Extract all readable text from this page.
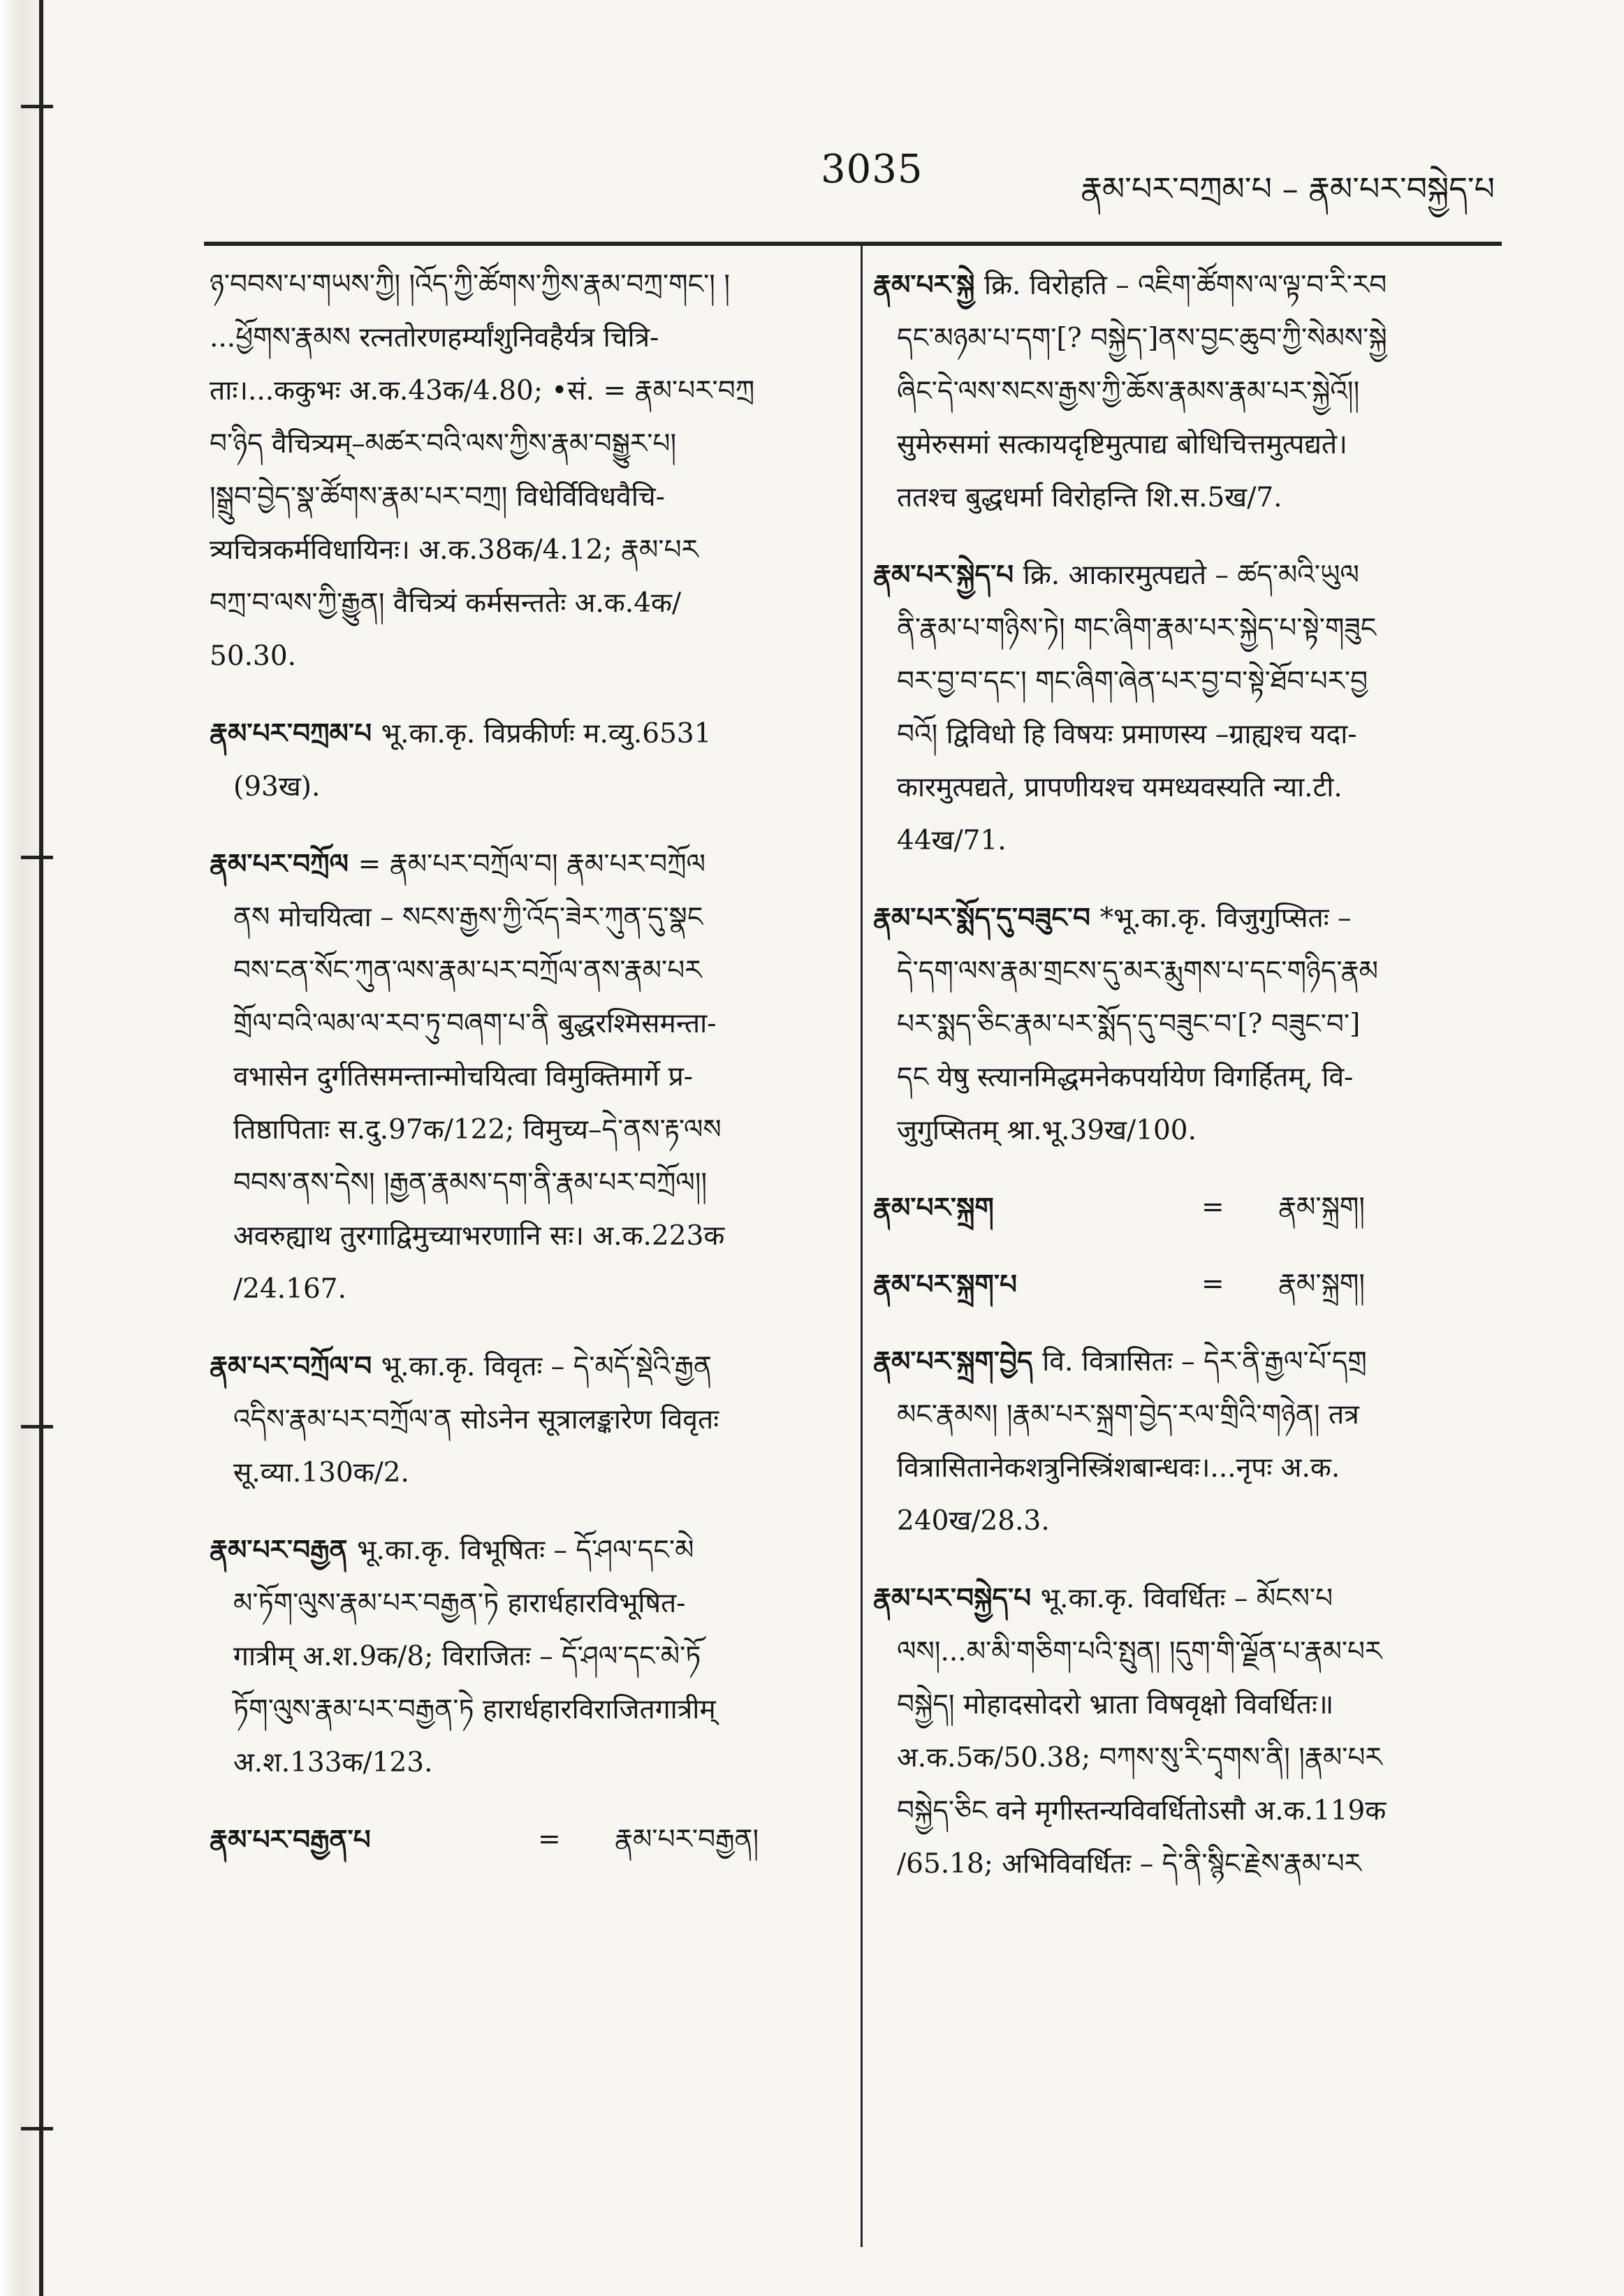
3035	རྣམ་པར་བཀྲམ་པ – རྣམ་པར་བསྐྱེད་པ

ཉ་བབས་པ་གཡས་ཀྱི། །འོད་ཀྱི་ཚོགས་ཀྱིས་རྣམ་བཀྲ་གང་། །

...ཕྱོགས་རྣམས रत्नतोरणहर्म्यांशुनिवहैर्यत्र चित्रि-

ताः।...ककुभः अ.क.43क/4.80; •सं. = རྣམ་པར་བཀྲ

བ་ཉིད वैचित्र्यम्–མཚར་བའི་ལས་ཀྱིས་རྣམ་བསྒྱུར་པ།

།སྒྲུབ་བྱེད་སྣ་ཚོགས་རྣམ་པར་བཀྲ། विधेर्विविधवैचि-

त्र्यचित्रकर्मविधायिनः। अ.क.38क/4.12; རྣམ་པར

བཀྲ་བ་ལས་ཀྱི་རྒྱུན། वैचित्र्यं कर्मसन्ततेः अ.क.4क/

50.30.

རྣམ་པར་བཀྲམ་པ भू.का.कृ. विप्रकीर्णः म.व्यु.6531

(93ख).

རྣམ་པར་བཀྲོལ = རྣམ་པར་བཀྲོལ་བ། རྣམ་པར་བཀྲོལ

ནས मोचयित्वा – སངས་རྒྱས་ཀྱི་འོད་ཟེར་ཀུན་དུ་སྣང

བས་ངན་སོང་ཀུན་ལས་རྣམ་པར་བཀྲོལ་ནས་རྣམ་པར

གྲོལ་བའི་ལམ་ལ་རབ་ཏུ་བཞག་པ་ནི बुद्धरश्मिसमन्ता-

वभासेन दुर्गतिसमन्तान्मोचयित्वा विमुक्तिमार्गे प्र-

तिष्ठापिताः स.दु.97क/122; विमुच्य–དེ་ནས་རྟ་ལས

བབས་ནས་དེས། །རྒྱན་རྣམས་དག་ནི་རྣམ་པར་བཀྲོལ།།

अवरुह्याथ तुरगाद्विमुच्याभरणानि सः। अ.क.223क

/24.167.

རྣམ་པར་བཀྲོལ་བ भू.का.कृ. विवृतः – དེ་མདོ་སྡེའི་རྒྱན

འདིས་རྣམ་པར་བཀྲོལ་ན सोऽनेन सूत्रालङ्कारेण विवृतः

सू.व्या.130क/2.

རྣམ་པར་བརྒྱན भू.का.कृ. विभूषितः – དོ་ཤལ་དང་མེ

མ་ཏོག་ལུས་རྣམ་པར་བརྒྱན་ཏེ हारार्धहारविभूषित-

गात्रीम् अ.श.9क/8; विराजितः – དོ་ཤལ་དང་མེ་ཏོ

ཏོག་ལུས་རྣམ་པར་བརྒྱན་ཏེ हारार्धहारविराजितगात्रीम्

अ.श.133क/123.

རྣམ་པར་བརྒྱན་པ	=	རྣམ་པར་བརྒྱན།

རྣམ་པར་སྐྱེ क्रि. विरोहति – འཇིག་ཚོགས་ལ་ལྟ་བ་རི་རབ

དང་མཉམ་པ་དག་[? བསྐྱེད་]ནས་བྱང་ཆུབ་ཀྱི་སེམས་སྐྱེ

ཞིང་དེ་ལས་སངས་རྒྱས་ཀྱི་ཆོས་རྣམས་རྣམ་པར་སྐྱེའོ།།

सुमेरुसमां सत्कायदृष्टिमुत्पाद्य बोधिचित्तमुत्पद्यते।

ततश्च बुद्धधर्मा विरोहन्ति शि.स.5ख/7.

རྣམ་པར་སྐྱེད་པ क्रि. आकारमुत्पद्यते – ཚད་མའི་ཡུལ

ནི་རྣམ་པ་གཉིས་ཏེ། གང་ཞིག་རྣམ་པར་སྐྱེད་པ་སྟེ་གཟུང

བར་བྱ་བ་དང་། གང་ཞིག་ཞེན་པར་བྱ་བ་སྟེ་ཐོབ་པར་བྱ

བའོ། द्विविधो हि विषयः प्रमाणस्य –ग्राह्यश्च यदा-

कारमुत्पद्यते, प्रापणीयश्च यमध्यवस्यति न्या.टी.

44ख/71.

རྣམ་པར་སྨོད་དུ་བཟུང་བ *भू.का.कृ. विजुगुप्सितः –

དེ་དག་ལས་རྣམ་གྲངས་དུ་མར་རྨུགས་པ་དང་གཉིད་རྣམ

པར་སྨད་ཅིང་རྣམ་པར་སྨོད་དུ་བཟུང་བ་[? བཟུང་བ་]

དང येषु स्त्यानमिद्धमनेकपर्यायेण विगर्हितम्, वि-

जुगुप्सितम् श्रा.भू.39ख/100.

རྣམ་པར་སྐྲག	=	རྣམ་སྐྲག།

རྣམ་པར་སྐྲག་པ	=	རྣམ་སྐྲག།

རྣམ་པར་སྐྲག་བྱེད वि. वित्रासितः – དེར་ནི་རྒྱལ་པོ་དགྲ

མང་རྣམས། །རྣམ་པར་སྐྲག་བྱེད་རལ་གྲིའི་གཉེན། तत्र

वित्रासितानेकशत्रुनिस्त्रिंशबान्धवः।...नृपः अ.क.

240ख/28.3.

རྣམ་པར་བསྐྱེད་པ भू.का.कृ. विवर्धितः – མོངས་པ

ལས།...མ་མི་གཅིག་པའི་སྤུན། །དུག་གི་ལྗོན་པ་རྣམ་པར

བསྐྱེད། मोहादसोदरो भ्राता विषवृक्षो विवर्धितः॥

अ.क.5क/50.38; བཀས་སུ་རི་དྭགས་ནི། །རྣམ་པར

བསྐྱེད་ཅིང वने मृगीस्तन्यविवर्धितोऽसौ अ.क.119क

/65.18; अभिविवर्धितः – དེ་ནི་སྙིང་རྗེས་རྣམ་པར
